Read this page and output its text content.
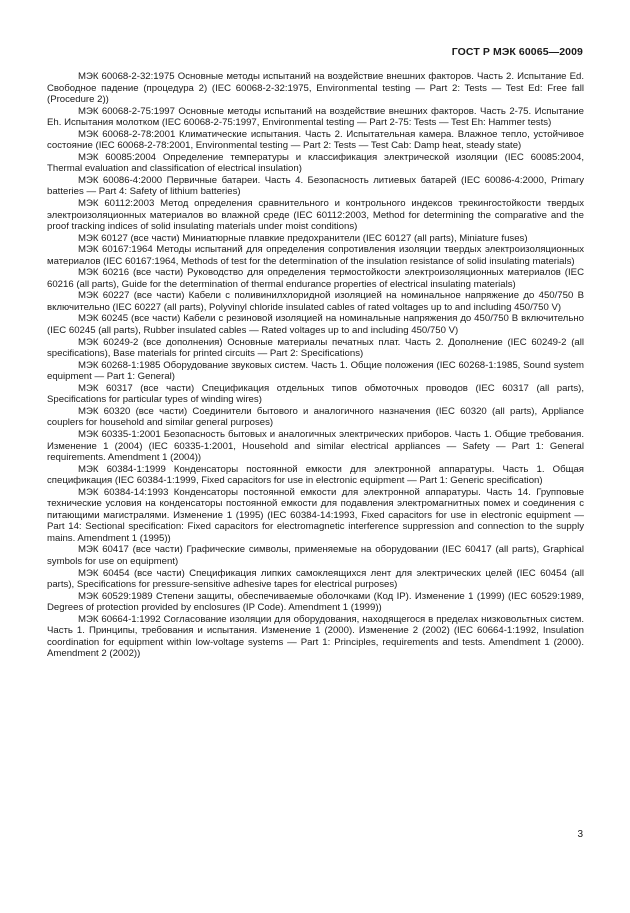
ГОСТ Р МЭК 60065—2009

МЭК 60068-2-32:1975 Основные методы испытаний на воздействие внешних факторов. Часть 2. Испытание Ed. Свободное падение (процедура 2) (IEC 60068-2-32:1975, Environmental testing — Part 2: Tests — Test Ed: Free fall (Procedure 2))

МЭК 60068-2-75:1997 Основные методы испытаний на воздействие внешних факторов. Часть 2-75. Испытание Eh. Испытания молотком (IEC 60068-2-75:1997, Environmental testing — Part 2-75: Tests — Test Eh: Hammer tests)

МЭК 60068-2-78:2001 Климатические испытания. Часть 2. Испытательная камера. Влажное тепло, устойчивое состояние (IEC 60068-2-78:2001, Environmental testing — Part 2: Tests — Test Cab: Damp heat, steady state)

МЭК 60085:2004 Определение температуры и классификация электрической изоляции (IEC 60085:2004, Thermal evaluation and classification of electrical insulation)

МЭК 60086-4:2000 Первичные батареи. Часть 4. Безопасность литиевых батарей (IEC 60086-4:2000, Primary batteries — Part 4: Safety of lithium batteries)

МЭК 60112:2003 Метод определения сравнительного и контрольного индексов трекингостойкости твердых электроизоляционных материалов во влажной среде (IEC 60112:2003, Method for determining the comparative and the proof tracking indices of solid insulating materials under moist conditions)

МЭК 60127 (все части) Миниатюрные плавкие предохранители (IEC 60127 (all parts), Miniature fuses)

МЭК 60167:1964 Методы испытаний для определения сопротивления изоляции твердых электроизоляционных материалов (IEC 60167:1964, Methods of test for the determination of the insulation resistance of solid insulating materials)

МЭК 60216 (все части) Руководство для определения термостойкости электроизоляционных материалов (IEC 60216 (all parts), Guide for the determination of thermal endurance properties of electrical insulating materials)

МЭК 60227 (все части) Кабели с поливинилхлоридной изоляцией на номинальное напряжение до 450/750 В включительно (IEC 60227 (all parts), Polyvinyl chloride insulated cables of rated voltages up to and including 450/750 V)

МЭК 60245 (все части) Кабели с резиновой изоляцией на номинальные напряжения до 450/750 В включительно (IEC 60245 (all parts), Rubber insulated cables — Rated voltages up to and including 450/750 V)

МЭК 60249-2 (все дополнения) Основные материалы печатных плат. Часть 2. Дополнение (IEC 60249-2 (all specifications), Base materials for printed circuits — Part 2: Specifications)

МЭК 60268-1:1985 Оборудование звуковых систем. Часть 1. Общие положения (IEC 60268-1:1985, Sound system equipment — Part 1: General)

МЭК 60317 (все части) Спецификация отдельных типов обмоточных проводов (IEC 60317 (all parts), Specifications for particular types of winding wires)

МЭК 60320 (все части) Соединители бытового и аналогичного назначения (IEC 60320 (all parts), Appliance couplers for household and similar general purposes)

МЭК 60335-1:2001 Безопасность бытовых и аналогичных электрических приборов. Часть 1. Общие требования. Изменение 1 (2004) (IEC 60335-1:2001, Household and similar electrical appliances — Safety — Part 1: General requirements. Amendment 1 (2004))

МЭК 60384-1:1999 Конденсаторы постоянной емкости для электронной аппаратуры. Часть 1. Общая спецификация (IEC 60384-1:1999, Fixed capacitors for use in electronic equipment — Part 1: Generic specification)

МЭК 60384-14:1993 Конденсаторы постоянной емкости для электронной аппаратуры. Часть 14. Групповые технические условия на конденсаторы постоянной емкости для подавления электромагнитных помех и соединения с питающими магистралями. Изменение 1 (1995) (IEC 60384-14:1993, Fixed capacitors for use in electronic equipment — Part 14: Sectional specification: Fixed capacitors for electromagnetic interference suppression and connection to the supply mains. Amendment 1 (1995))

МЭК 60417 (все части) Графические символы, применяемые на оборудовании (IEC 60417 (all parts), Graphical symbols for use on equipment)

МЭК 60454 (все части) Спецификация липких самоклеящихся лент для электрических целей (IEC 60454 (all parts), Specifications for pressure-sensitive adhesive tapes for electrical purposes)

МЭК 60529:1989 Степени защиты, обеспечиваемые оболочками (Код IP). Изменение 1 (1999) (IEC 60529:1989, Degrees of protection provided by enclosures (IP Code). Amendment 1 (1999))

МЭК 60664-1:1992 Согласование изоляции для оборудования, находящегося в пределах низковольтных систем. Часть 1. Принципы, требования и испытания. Изменение 1 (2000). Изменение 2 (2002) (IEC 60664-1:1992, Insulation coordination for equipment within low-voltage systems — Part 1: Principles, requirements and tests. Amendment 1 (2000). Amendment 2 (2002))

3
